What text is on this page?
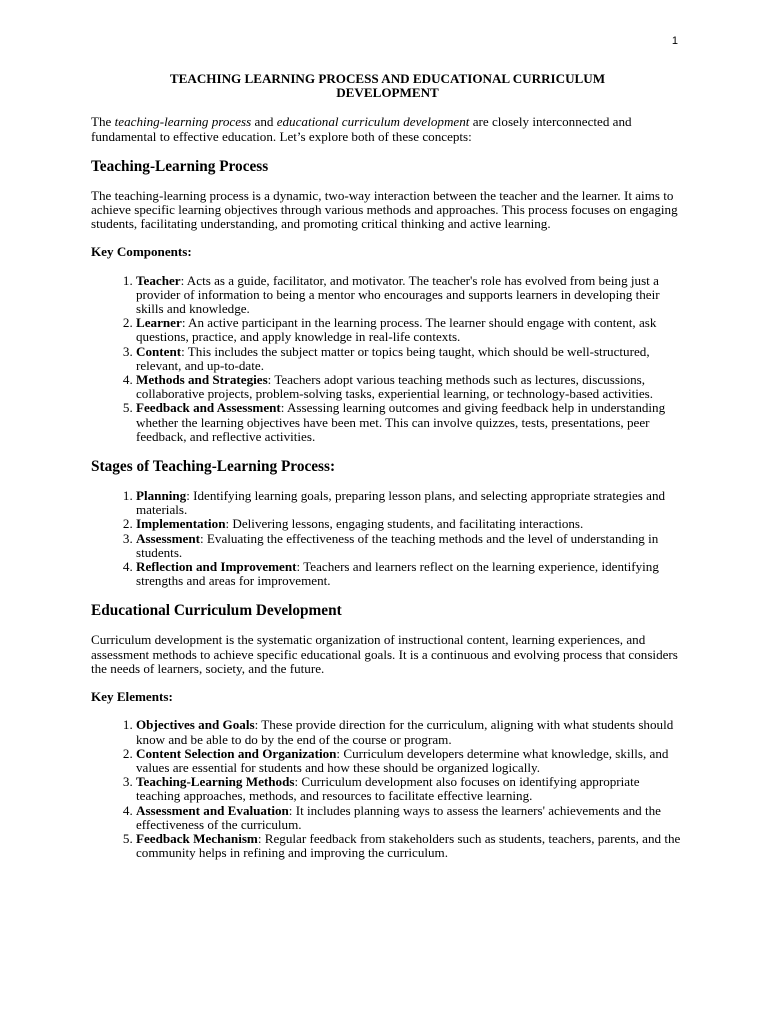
1
TEACHING LEARNING PROCESS AND EDUCATIONAL CURRICULUM
DEVELOPMENT

The teaching-learning process and educational curriculum development are closely interconnected and fundamental to effective education. Let’s explore both of these concepts:

Teaching-Learning Process

The teaching-learning process is a dynamic, two-way interaction between the teacher and the learner. It aims to achieve specific learning objectives through various methods and approaches. This process focuses on engaging students, facilitating understanding, and promoting critical thinking and active learning.

Key Components:

1. Teacher: Acts as a guide, facilitator, and motivator. The teacher's role has evolved from being just a provider of information to being a mentor who encourages and supports learners in developing their skills and knowledge.
2. Learner: An active participant in the learning process. The learner should engage with content, ask questions, practice, and apply knowledge in real-life contexts.
3. Content: This includes the subject matter or topics being taught, which should be well-structured, relevant, and up-to-date.
4. Methods and Strategies: Teachers adopt various teaching methods such as lectures, discussions, collaborative projects, problem-solving tasks, experiential learning, or technology-based activities.
5. Feedback and Assessment: Assessing learning outcomes and giving feedback help in understanding whether the learning objectives have been met. This can involve quizzes, tests, presentations, peer feedback, and reflective activities.
Stages of Teaching-Learning Process:
1. Planning: Identifying learning goals, preparing lesson plans, and selecting appropriate strategies and materials.
2. Implementation: Delivering lessons, engaging students, and facilitating interactions.
3. Assessment: Evaluating the effectiveness of the teaching methods and the level of understanding in students.
4. Reflection and Improvement: Teachers and learners reflect on the learning experience, identifying strengths and areas for improvement.
Educational Curriculum Development

Curriculum development is the systematic organization of instructional content, learning experiences, and assessment methods to achieve specific educational goals. It is a continuous and evolving process that considers the needs of learners, society, and the future.

Key Elements:

1. Objectives and Goals: These provide direction for the curriculum, aligning with what students should know and be able to do by the end of the course or program.
2. Content Selection and Organization: Curriculum developers determine what knowledge, skills, and values are essential for students and how these should be organized logically.
3. Teaching-Learning Methods: Curriculum development also focuses on identifying appropriate teaching approaches, methods, and resources to facilitate effective learning.
4. Assessment and Evaluation: It includes planning ways to assess the learners' achievements and the effectiveness of the curriculum.
5. Feedback Mechanism: Regular feedback from stakeholders such as students, teachers, parents, and the community helps in refining and improving the curriculum.
